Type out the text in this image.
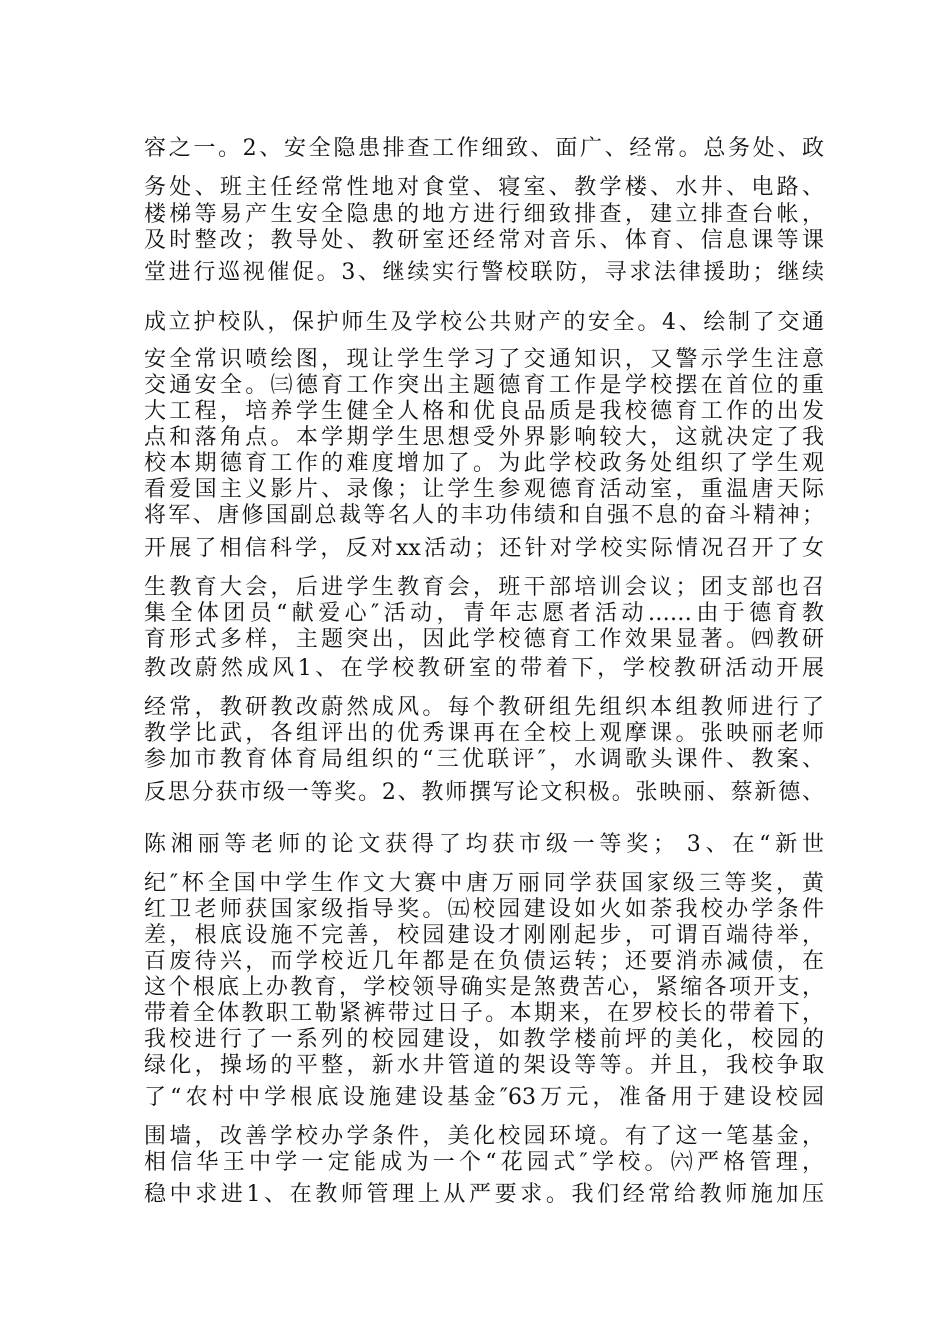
容之一。2、安全隐患排查工作细致、面广、经常。总务处、政
务处、班主任经常性地对食堂、寝室、教学楼、水井、电路、
楼梯等易产生安全隐患的地方进行细致排查，建立排查台帐，
及时整改；教导处、教研室还经常对音乐、体育、信息课等课
堂进行巡视催促。3、继续实行警校联防，寻求法律援助；继续
成立护校队，保护师生及学校公共财产的安全。4、绘制了交通
安全常识喷绘图，现让学生学习了交通知识，又警示学生注意
交通安全。㈢德育工作突出主题德育工作是学校摆在首位的重
大工程，培养学生健全人格和优良品质是我校德育工作的出发
点和落角点。本学期学生思想受外界影响较大，这就决定了我
校本期德育工作的难度增加了。为此学校政务处组织了学生观
看爱国主义影片、录像；让学生参观德育活动室，重温唐天际
将军、唐修国副总裁等名人的丰功伟绩和自强不息的奋斗精神；
开展了相信科学，反对xx活动；还针对学校实际情况召开了女
生教育大会，后进学生教育会，班干部培训会议；团支部也召
集全体团员“献爱心″活动，青年志愿者活动……由于德育教
育形式多样，主题突出，因此学校德育工作效果显著。㈣教研
教改蔚然成风1、在学校教研室的带着下，学校教研活动开展
经常，教研教改蔚然成风。每个教研组先组织本组教师进行了
教学比武，各组评出的优秀课再在全校上观摩课。张映丽老师
参加市教育体育局组织的“三优联评″，水调歌头课件、教案、
反思分获市级一等奖。2、教师撰写论文积极。张映丽、蔡新德、
陈湘丽等老师的论文获得了均获市级一等奖； 3、在“新世
纪″杯全国中学生作文大赛中唐万丽同学获国家级三等奖，黄
红卫老师获国家级指导奖。㈤校园建设如火如荼我校办学条件
差，根底设施不完善，校园建设才刚刚起步，可谓百端待举，
百废待兴，而学校近几年都是在负债运转；还要消赤减债，在
这个根底上办教育，学校领导确实是煞费苦心，紧缩各项开支，
带着全体教职工勒紧裤带过日子。本期来，在罗校长的带着下，
我校进行了一系列的校园建设，如教学楼前坪的美化，校园的
绿化，操场的平整，新水井管道的架设等等。并且，我校争取
了“农村中学根底设施建设基金″63万元，准备用于建设校园
围墙，改善学校办学条件，美化校园环境。有了这一笔基金，
相信华王中学一定能成为一个“花园式″学校。㈥严格管理，
稳中求进1、在教师管理上从严要求。我们经常给教师施加压
